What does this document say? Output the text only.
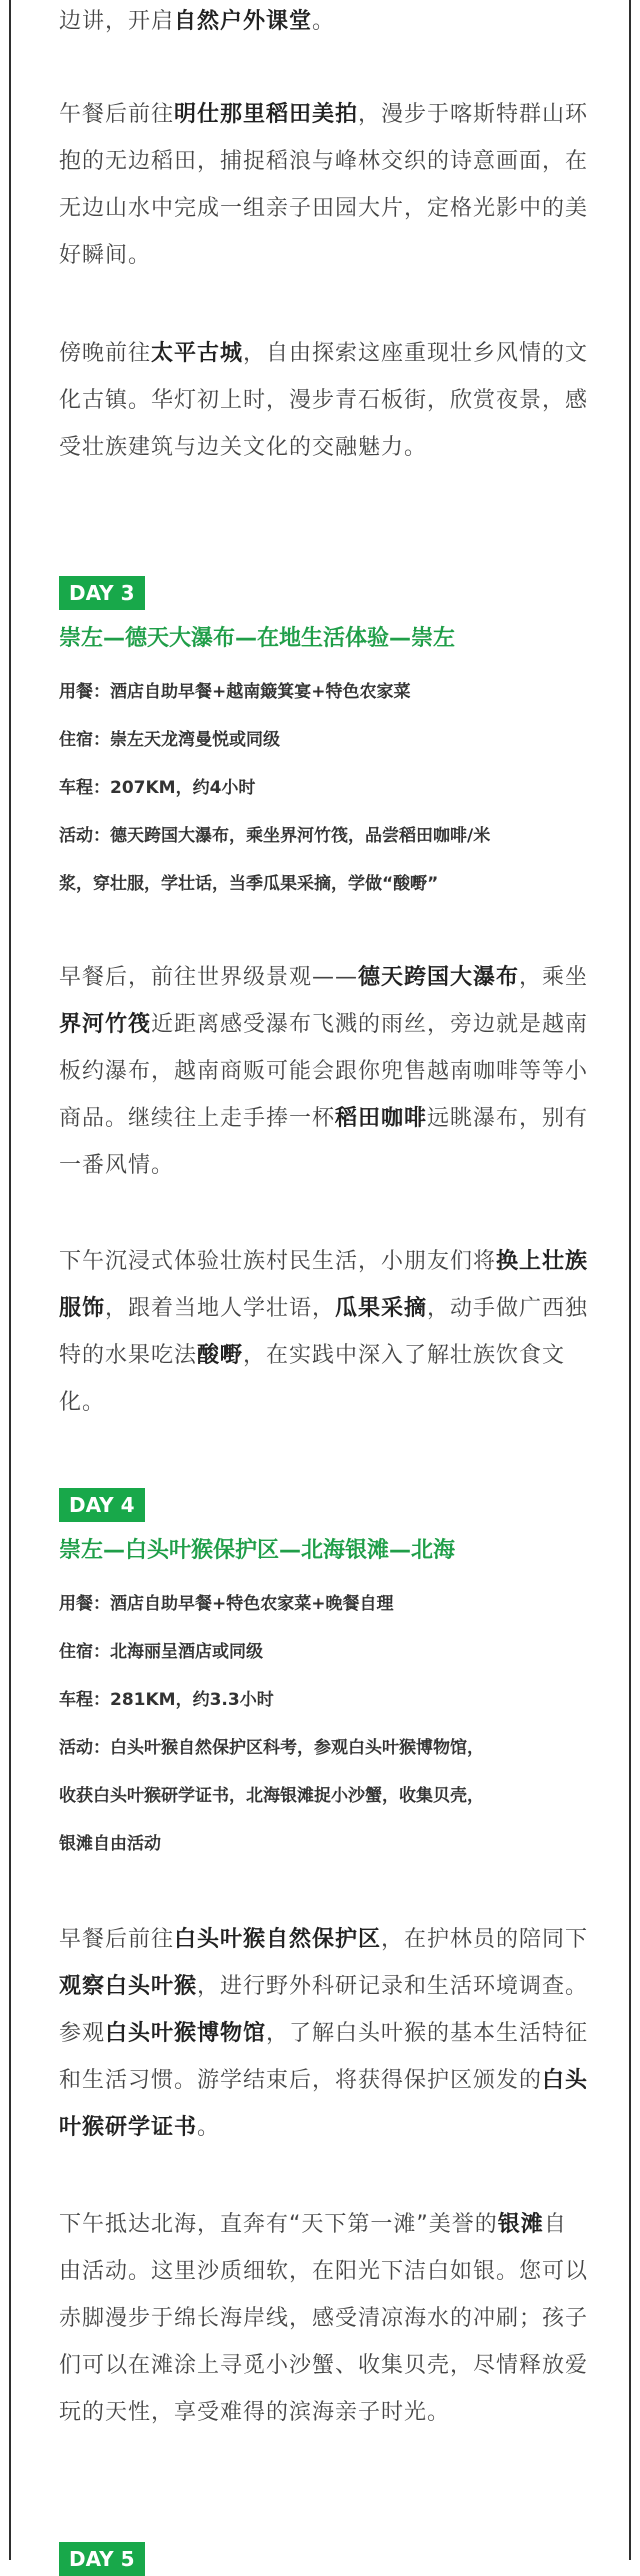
边讲，开启自然户外课堂。

午餐后前往明仕那里稻田美拍，漫步于喀斯特群山环抱的无边稻田，捕捉稻浪与峰林交织的诗意画面，在无边山水中完成一组亲子田园大片，定格光影中的美好瞬间。

傍晚前往太平古城，自由探索这座重现壮乡风情的文化古镇。华灯初上时，漫步青石板街，欣赏夜景，感受壮族建筑与边关文化的交融魅力。

DAY 3

崇左—德天大瀑布—在地生活体验—崇左

用餐：酒店自助早餐+越南簸箕宴+特色农家菜
住宿：崇左天龙湾曼悦或同级
车程：207KM，约4小时
活动：德天跨国大瀑布，乘坐界河竹筏，品尝稻田咖啡/米
浆，穿壮服，学壮话，当季瓜果采摘，学做“酸嘢”

早餐后，前往世界级景观——德天跨国大瀑布，乘坐界河竹筏近距离感受瀑布飞溅的雨丝，旁边就是越南板约瀑布，越南商贩可能会跟你兜售越南咖啡等等小商品。继续往上走手捧一杯稻田咖啡远眺瀑布，别有一番风情。

下午沉浸式体验壮族村民生活，小朋友们将换上壮族服饰，跟着当地人学壮语，瓜果采摘，动手做广西独特的水果吃法酸嘢，在实践中深入了解壮族饮食文化。

DAY 4

崇左—白头叶猴保护区—北海银滩—北海

用餐：酒店自助早餐+特色农家菜+晚餐自理
住宿：北海丽呈酒店或同级
车程：281KM，约3.3小时
活动：白头叶猴自然保护区科考，参观白头叶猴博物馆，
收获白头叶猴研学证书，北海银滩捉小沙蟹，收集贝壳，
银滩自由活动

早餐后前往白头叶猴自然保护区，在护林员的陪同下观察白头叶猴，进行野外科研记录和生活环境调查。参观白头叶猴博物馆，了解白头叶猴的基本生活特征和生活习惯。游学结束后，将获得保护区颁发的白头叶猴研学证书。

下午抵达北海，直奔有“天下第一滩”美誉的银滩自由活动。这里沙质细软，在阳光下洁白如银。您可以赤脚漫步于绵长海岸线，感受清凉海水的冲刷；孩子们可以在滩涂上寻觅小沙蟹、收集贝壳，尽情释放爱玩的天性，享受难得的滨海亲子时光。

DAY 5
